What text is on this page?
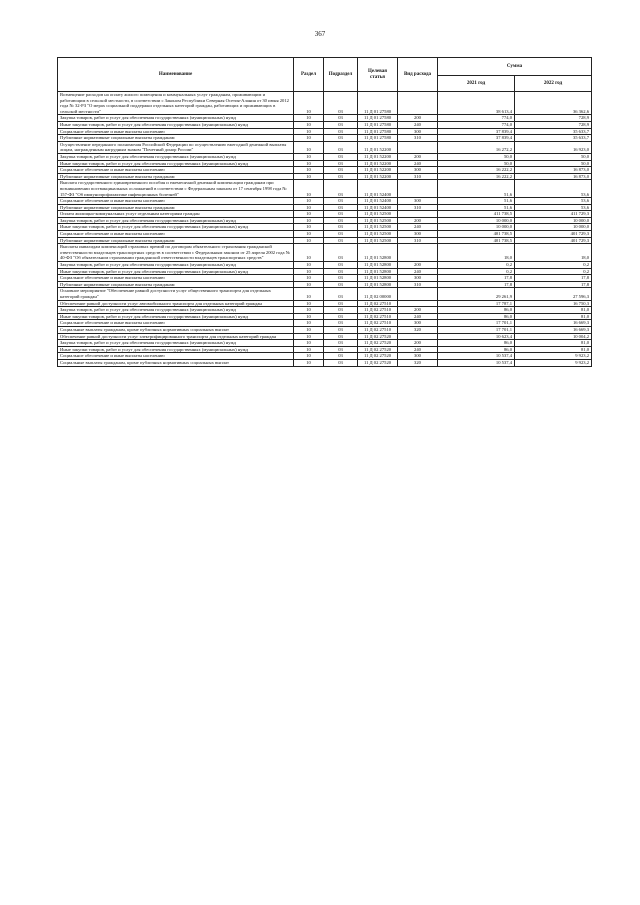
367
Наименование	Раздел	Подраздел	Целевая статья	Вид расхода	Сумма	
					2021 год	2022 год
Возмещение расходов на оплату жилого помещения и коммунальных услуг гражданам, проживающим и работающим в сельской местности, в соответствии с Законом Республики Северная Осетия-Алания от 30 июня 2012 года № 32-РЗ "О мерах социальной поддержки отдельных категорий граждан, работающих и проживающих в сельской местности"	10	03	11 Д 01 27580		38 613,4	36 362,6
Закупка товаров, работ и услуг для обеспечения государственных (муниципальных) нужд	10	03	11 Д 01 27580	200	774,0	728,9
Иные закупки товаров, работ и услуг для обеспечения государственных (муниципальных) нужд	10	03	11 Д 01 27580	240	774,0	728,9
Социальное обеспечение и иные выплаты населению	10	03	11 Д 01 27580	300	37 839,4	35 633,7
Публичные нормативные социальные выплаты гражданам	10	03	11 Д 01 27580	310	37 839,4	35 633,7
Осуществление переданного полномочия Российской Федерации по осуществлению ежегодной денежной выплаты лицам, награжденным нагрудным знаком "Почетный донор России"	10	03	11 Д 01 52200		16 272,2	16 923,0
Закупка товаров, работ и услуг для обеспечения государственных (муниципальных) нужд	10	03	11 Д 01 52200	200	50,0	50,0
Иные закупки товаров, работ и услуг для обеспечения государственных (муниципальных) нужд	10	03	11 Д 01 52200	240	50,0	50,0
Социальное обеспечение и иные выплаты населению	10	03	11 Д 01 52200	300	16 222,2	16 873,0
Публичные нормативные социальные выплаты гражданам	10	03	11 Д 01 52200	310	16 222,2	16 873,0
Выплата государственного единовременного пособия и ежемесячной денежной компенсации гражданам при возникновении поствакцинальных осложнений в соответствии с Федеральным законом от 17 сентября 1998 года № 157-ФЗ "Об иммунопрофилактике инфекционных болезней"	10	03	11 Д 01 52400		51,6	53,6
Социальное обеспечение и иные выплаты населению	10	03	11 Д 01 52400	300	51,6	53,6
Публичные нормативные социальные выплаты гражданам	10	03	11 Д 01 52400	310	51,6	53,6
Оплата жилищно-коммунальных услуг отдельным категориям граждан	10	03	11 Д 01 52500		411 738,5	411 729,3
Закупка товаров, работ и услуг для обеспечения государственных (муниципальных) нужд	10	03	11 Д 01 52500	200	10 000,0	10 000,0
Иные закупки товаров, работ и услуг для обеспечения государственных (муниципальных) нужд	10	03	11 Д 01 52500	240	10 000,0	10 000,0
Социальное обеспечение и иные выплаты населению	10	03	11 Д 01 52500	300	401 738,5	401 729,3
Публичные нормативные социальные выплаты гражданам	10	03	11 Д 01 52500	310	401 738,5	401 729,3
Выплаты инвалидам компенсаций страховых премий по договорам обязательного страхования гражданской ответственности владельцев транспортных средств в соответствии с Федеральным законом от 25 апреля 2002 года № 40-ФЗ "Об обязательном страховании гражданской ответственности владельцев транспортных средств"	10	03	11 Д 01 52800		18,0	18,0
Закупка товаров, работ и услуг для обеспечения государственных (муниципальных) нужд	10	03	11 Д 01 52800	200	0,2	0,2
Иные закупки товаров, работ и услуг для обеспечения государственных (муниципальных) нужд	10	03	11 Д 01 52800	240	0,2	0,2
Социальное обеспечение и иные выплаты населению	10	03	11 Д 01 52800	300	17,8	17,8
Публичные нормативные социальные выплаты гражданам	10	03	11 Д 01 52800	310	17,8	17,8
Основное мероприятие "Обеспечение равной доступности услуг общественного транспорта для отдельных категорий граждан"	10	03	11 Д 02 00000		29 261,9	27 596,3
Обеспечение равной доступности услуг автомобильного транспорта для отдельных категорий граждан	10	03	11 Д 02 27510		17 787,1	16 750,3
Закупка товаров, работ и услуг для обеспечения государственных (муниципальных) нужд	10	03	11 Д 02 27510	200	86,0	81,0
Иные закупки товаров, работ и услуг для обеспечения государственных (муниципальных) нужд	10	03	11 Д 02 27510	240	86,0	81,0
Социальное обеспечение и иные выплаты населению	10	03	11 Д 02 27510	300	17 701,1	16 669,3
Социальные выплаты гражданам, кроме публичных нормативных социальных выплат	10	03	11 Д 02 27510	320	17 701,1	16 669,3
Обеспечение равной доступности услуг электрифицированного транспорта для отдельных категорий граждан	10	03	11 Д 02 27520		10 623,4	10 004,2
Закупка товаров, работ и услуг для обеспечения государственных (муниципальных) нужд	10	03	11 Д 02 27520	200	86,0	81,0
Иные закупки товаров, работ и услуг для обеспечения государственных (муниципальных) нужд	10	03	11 Д 02 27520	240	86,0	81,0
Социальное обеспечение и иные выплаты населению	10	03	11 Д 02 27520	300	10 537,4	9 923,2
Социальные выплаты гражданам, кроме публичных нормативных социальных выплат	10	03	11 Д 02 27520	320	10 537,4	9 923,2
